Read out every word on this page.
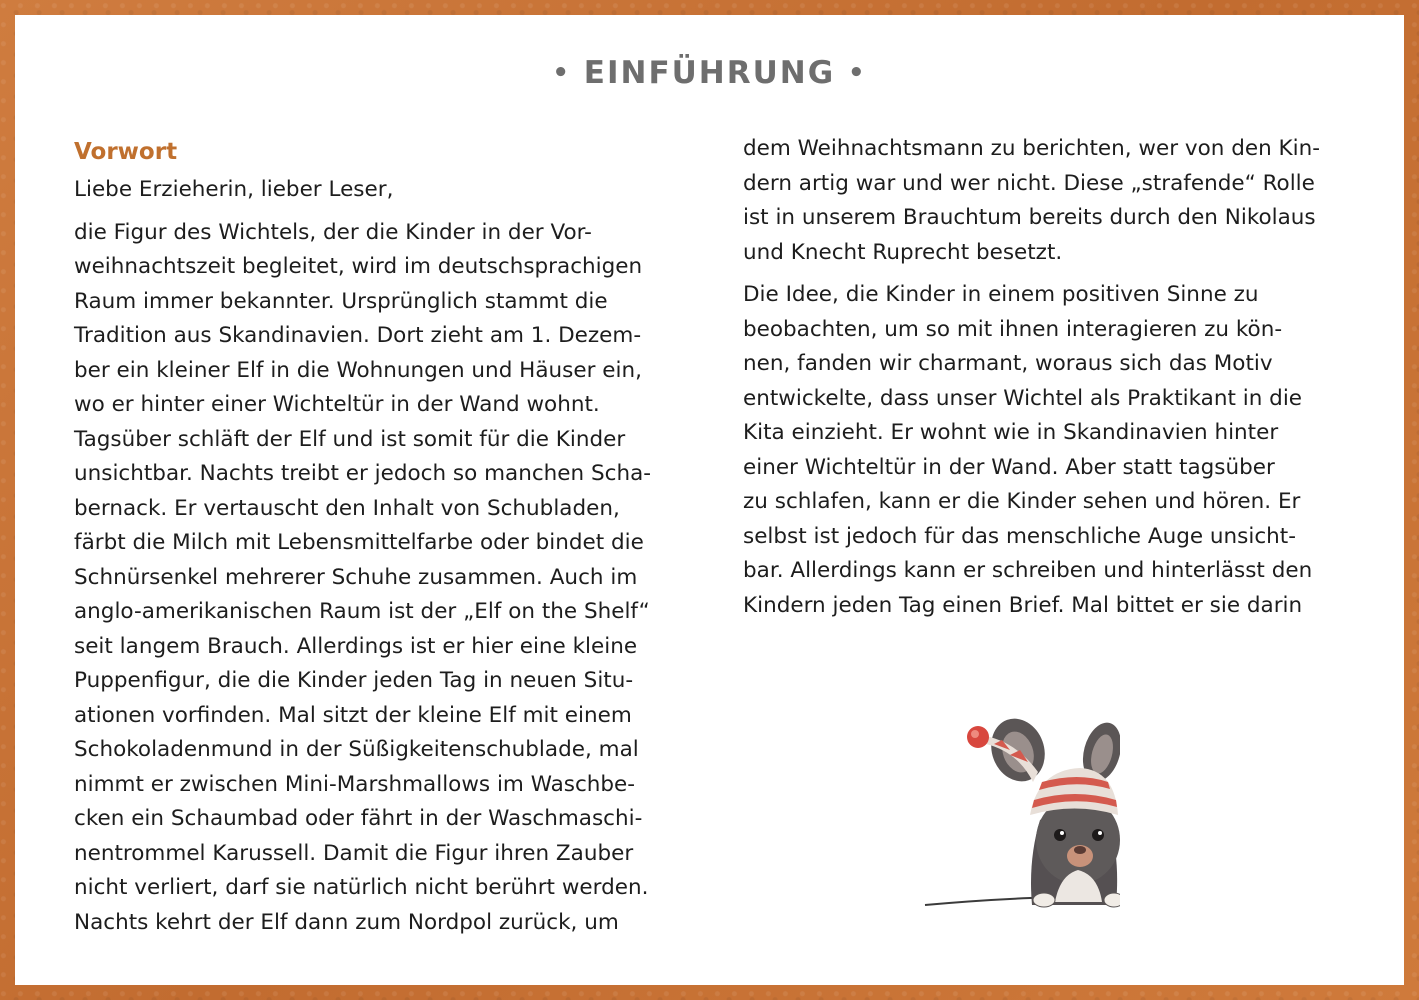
• EINFÜHRUNG •
Vorwort
Liebe Erzieherin, lieber Leser,
die Figur des Wichtels, der die Kinder in der Vor-
weihnachtszeit begleitet, wird im deutschsprachigen
Raum immer bekannter. Ursprünglich stammt die
Tradition aus Skandinavien. Dort zieht am 1. Dezem-
ber ein kleiner Elf in die Wohnungen und Häuser ein,
wo er hinter einer Wichteltür in der Wand wohnt.
Tagsüber schläft der Elf und ist somit für die Kinder
unsichtbar. Nachts treibt er jedoch so manchen Scha-
bernack. Er vertauscht den Inhalt von Schubladen,
färbt die Milch mit Lebensmittelfarbe oder bindet die
Schnürsenkel mehrerer Schuhe zusammen. Auch im
anglo-amerikanischen Raum ist der „Elf on the Shelf“
seit langem Brauch. Allerdings ist er hier eine kleine
Puppenfigur, die die Kinder jeden Tag in neuen Situ-
ationen vorfinden. Mal sitzt der kleine Elf mit einem
Schokoladenmund in der Süßigkeitenschublade, mal
nimmt er zwischen Mini-Marshmallows im Waschbe-
cken ein Schaumbad oder fährt in der Waschmaschi-
nentrommel Karussell. Damit die Figur ihren Zauber
nicht verliert, darf sie natürlich nicht berührt werden.
Nachts kehrt der Elf dann zum Nordpol zurück, um
dem Weihnachtsmann zu berichten, wer von den Kin-
dern artig war und wer nicht. Diese „strafende“ Rolle
ist in unserem Brauchtum bereits durch den Nikolaus
und Knecht Ruprecht besetzt.
Die Idee, die Kinder in einem positiven Sinne zu
beobachten, um so mit ihnen interagieren zu kön-
nen, fanden wir charmant, woraus sich das Motiv
entwickelte, dass unser Wichtel als Praktikant in die
Kita einzieht. Er wohnt wie in Skandinavien hinter
einer Wichteltür in der Wand. Aber statt tagsüber
zu schlafen, kann er die Kinder sehen und hören. Er
selbst ist jedoch für das menschliche Auge unsicht-
bar. Allerdings kann er schreiben und hinterlässt den
Kindern jeden Tag einen Brief. Mal bittet er sie darin
